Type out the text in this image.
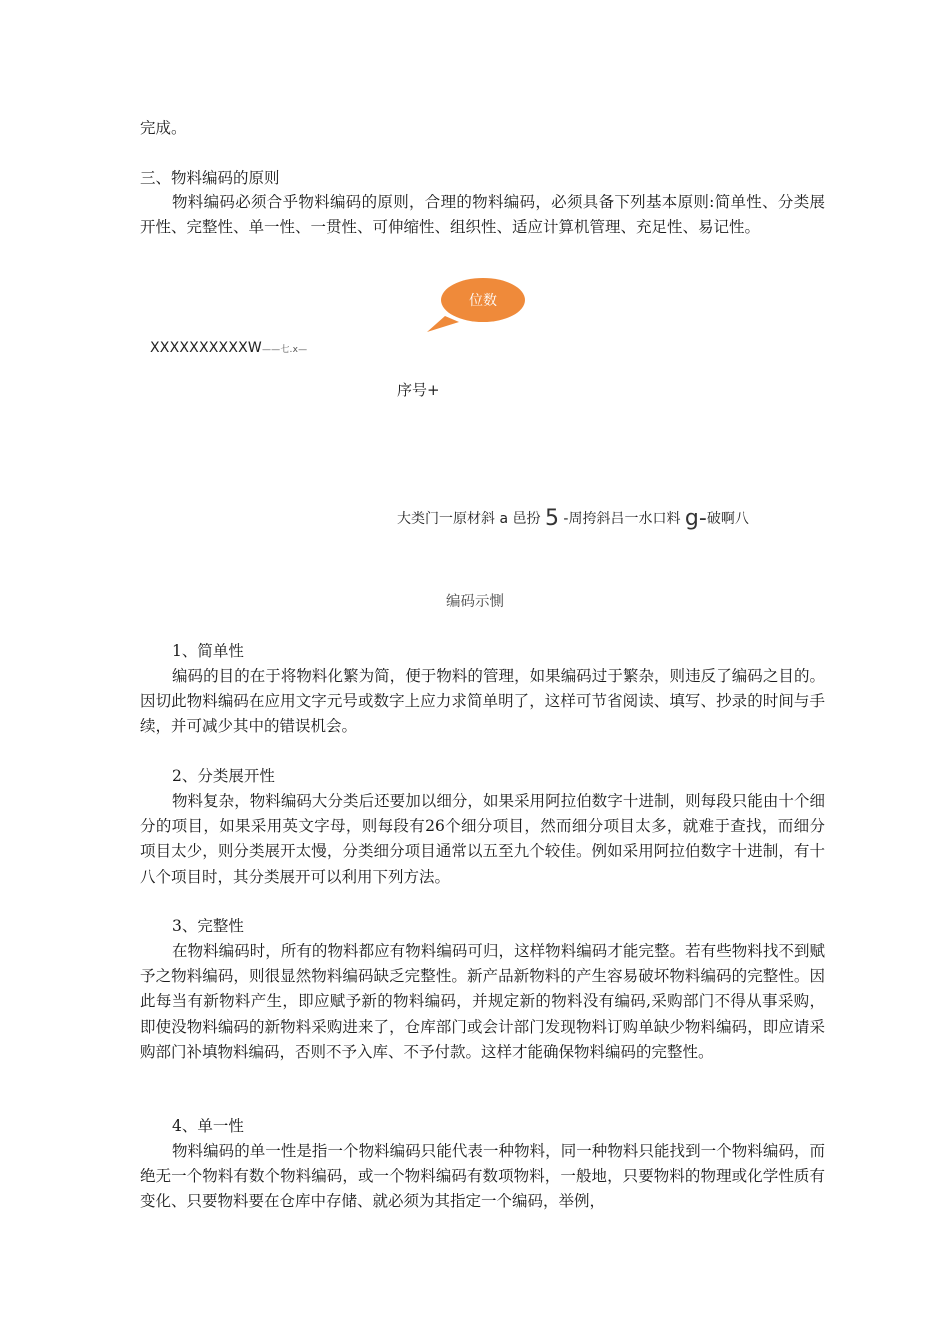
完成。
三、物料编码的原则
物料编码必须合乎物料编码的原则，合理的物料编码，必须具备下列基本原则:简单性、分类展开性、完整性、单一性、一贯性、可伸缩性、组织性、适应计算机管理、充足性、易记性。
位数
XXXXXXXXXXW——七.x—
序号+
大类门一原材斜 a 邑扮 5 -周挎斜吕一水口料 g-破啊八
编码示惻
1、简单性
编码的目的在于将物料化繁为简，便于物料的管理，如果编码过于繁杂，则违反了编码之目的。因切此物料编码在应用文字元号或数字上应力求简单明了，这样可节省阅读、填写、抄录的时间与手续，并可减少其中的错误机会。
2、分类展开性
物料复杂，物料编码大分类后还要加以细分，如果采用阿拉伯数字十进制，则每段只能由十个细分的项目，如果采用英文字母，则每段有26个细分项目，然而细分项目太多，就难于查找，而细分项目太少，则分类展开太慢，分类细分项目通常以五至九个较佳。例如采用阿拉伯数字十进制，有十八个项目时，其分类展开可以利用下列方法。
3、完整性
在物料编码时，所有的物料都应有物料编码可归，这样物料编码才能完整。若有些物料找不到赋予之物料编码，则很显然物料编码缺乏完整性。新产品新物料的产生容易破坏物料编码的完整性。因此每当有新物料产生，即应赋予新的物料编码，并规定新的物料没有编码,采购部门不得从事采购，即使没物料编码的新物料采购进来了，仓库部门或会计部门发现物料订购单缺少物料编码，即应请采购部门补填物料编码，否则不予入库、不予付款。这样才能确保物料编码的完整性。
4、单一性
物料编码的单一性是指一个物料编码只能代表一种物料，同一种物料只能找到一个物料编码，而绝无一个物料有数个物料编码，或一个物料编码有数项物料，一般地，只要物料的物理或化学性质有变化、只要物料要在仓库中存储、就必须为其指定一个编码，举例，
